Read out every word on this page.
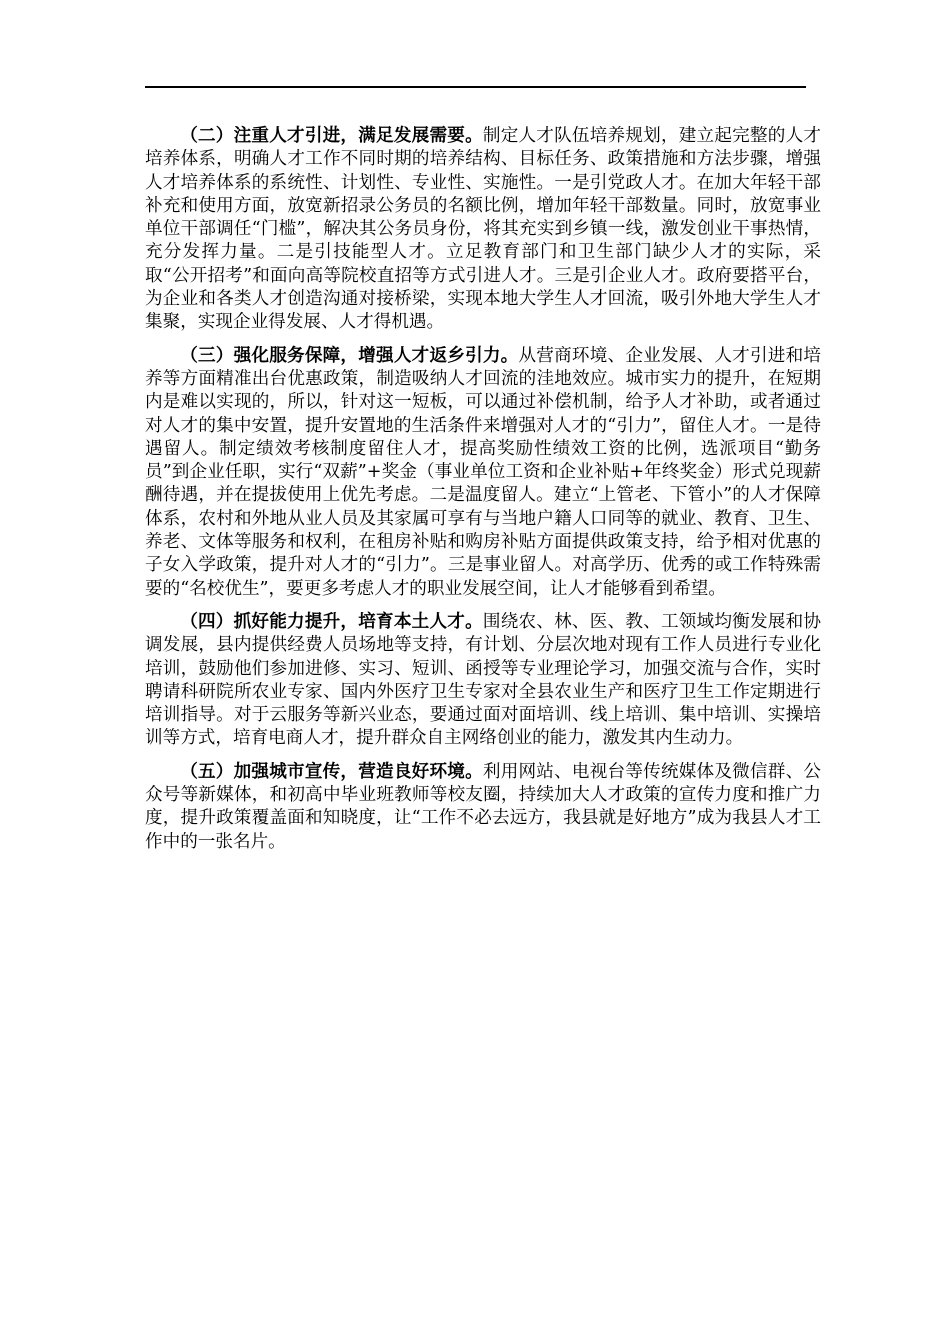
（二）注重人才引进，满足发展需要。制定人才队伍培养规划，建立起完整的人才培养体系，明确人才工作不同时期的培养结构、目标任务、政策措施和方法步骤，增强人才培养体系的系统性、计划性、专业性、实施性。一是引党政人才。在加大年轻干部补充和使用方面，放宽新招录公务员的名额比例，增加年轻干部数量。同时，放宽事业单位干部调任“门槛”，解决其公务员身份，将其充实到乡镇一线，激发创业干事热情，充分发挥力量。二是引技能型人才。立足教育部门和卫生部门缺少人才的实际，采取“公开招考”和面向高等院校直招等方式引进人才。三是引企业人才。政府要搭平台，为企业和各类人才创造沟通对接桥梁，实现本地大学生人才回流，吸引外地大学生人才集聚，实现企业得发展、人才得机遇。

（三）强化服务保障，增强人才返乡引力。从营商环境、企业发展、人才引进和培养等方面精准出台优惠政策，制造吸纳人才回流的洼地效应。城市实力的提升，在短期内是难以实现的，所以，针对这一短板，可以通过补偿机制，给予人才补助，或者通过对人才的集中安置，提升安置地的生活条件来增强对人才的“引力”，留住人才。一是待遇留人。制定绩效考核制度留住人才，提高奖励性绩效工资的比例，选派项目“勤务员”到企业任职，实行“双薪”+奖金（事业单位工资和企业补贴+年终奖金）形式兑现薪酬待遇，并在提拔使用上优先考虑。二是温度留人。建立“上管老、下管小”的人才保障体系，农村和外地从业人员及其家属可享有与当地户籍人口同等的就业、教育、卫生、养老、文体等服务和权利，在租房补贴和购房补贴方面提供政策支持，给予相对优惠的子女入学政策，提升对人才的“引力”。三是事业留人。对高学历、优秀的或工作特殊需要的“名校优生”，要更多考虑人才的职业发展空间，让人才能够看到希望。

（四）抓好能力提升，培育本土人才。围绕农、林、医、教、工领域均衡发展和协调发展，县内提供经费人员场地等支持，有计划、分层次地对现有工作人员进行专业化培训，鼓励他们参加进修、实习、短训、函授等专业理论学习，加强交流与合作，实时聘请科研院所农业专家、国内外医疗卫生专家对全县农业生产和医疗卫生工作定期进行培训指导。对于云服务等新兴业态，要通过面对面培训、线上培训、集中培训、实操培训等方式，培育电商人才，提升群众自主网络创业的能力，激发其内生动力。

（五）加强城市宣传，营造良好环境。利用网站、电视台等传统媒体及微信群、公众号等新媒体，和初高中毕业班教师等校友圈，持续加大人才政策的宣传力度和推广力度，提升政策覆盖面和知晓度，让“工作不必去远方，我县就是好地方”成为我县人才工作中的一张名片。
